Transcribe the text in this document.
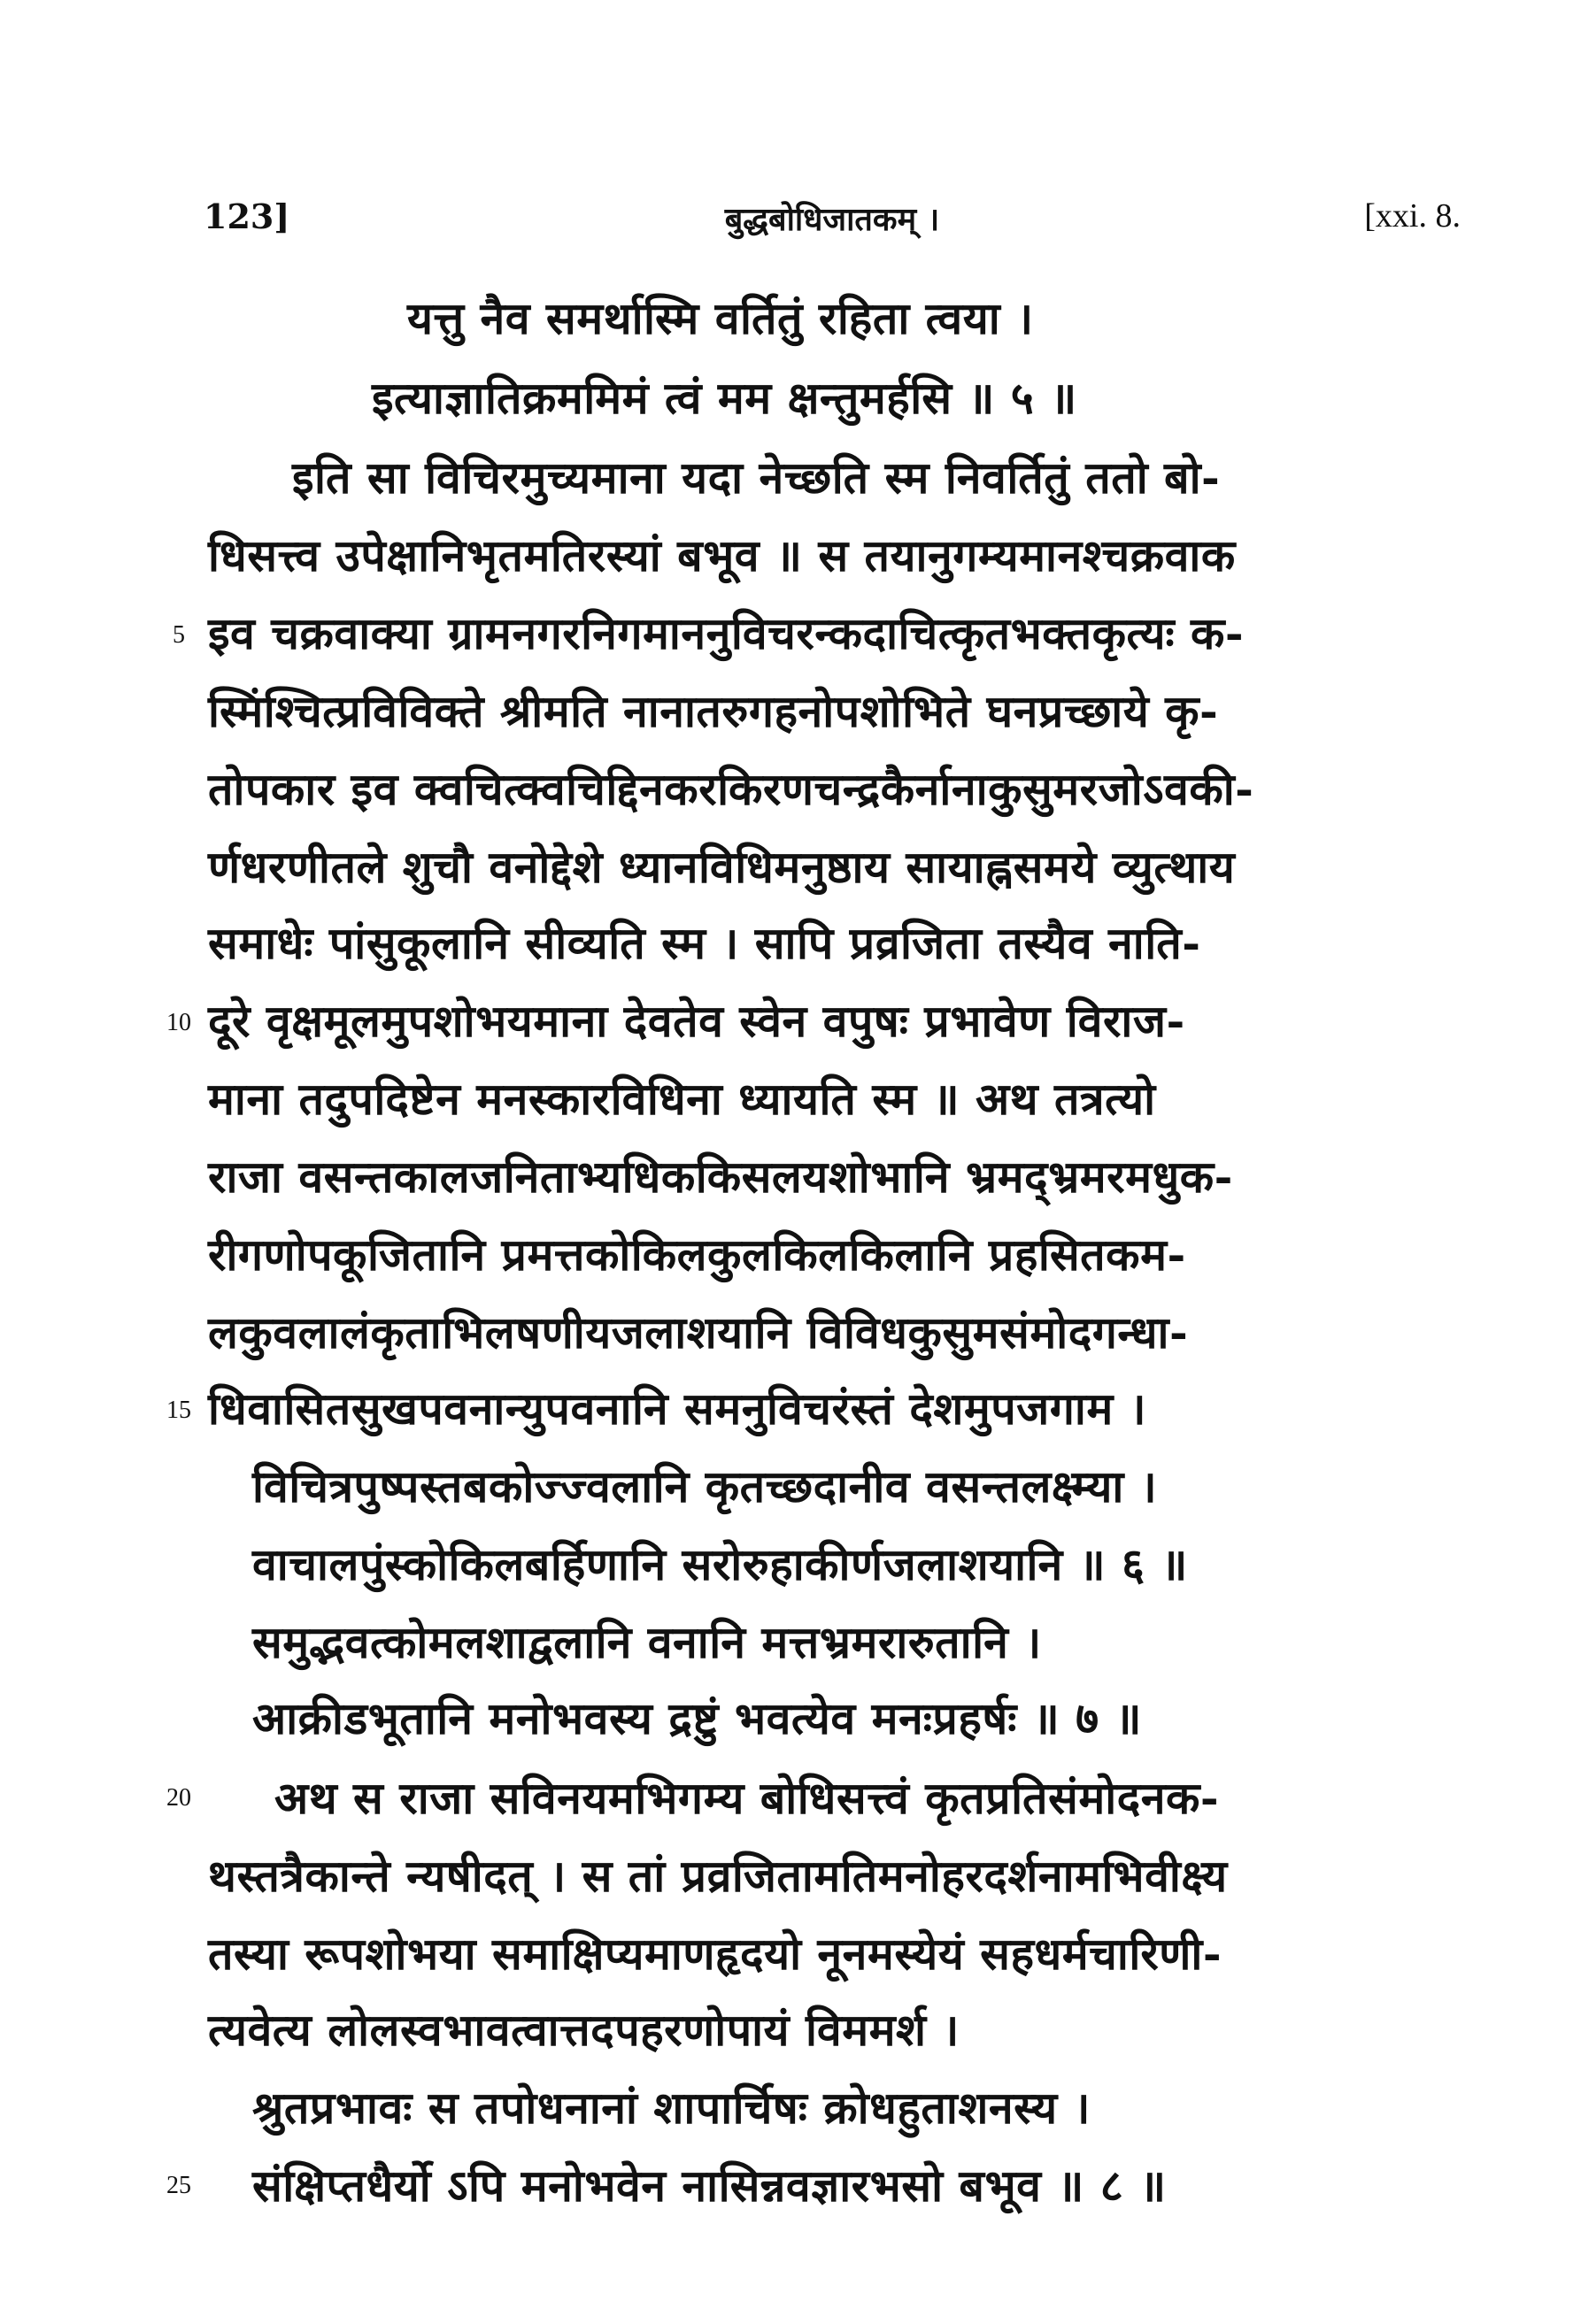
123]	बुद्धबोधिजातकम् ।	[xxi. 8.
यत्तु नैव समर्थास्मि वर्तितुं रहिता त्वया ।
इत्याज्ञातिक्रममिमं त्वं मम क्षन्तुमर्हसि ॥ ५ ॥
इति सा विचिरमुच्यमाना यदा नेच्छति स्म निवर्तितुं ततो बो-
धिसत्त्व उपेक्षानिभृतमतिरस्यां बभूव ॥ स तयानुगम्यमानश्चक्रवाक
इव चक्रवाक्या ग्रामनगरनिगमाननुविचरन्कदाचित्कृतभक्तकृत्यः क-
स्मिंश्चित्प्रविविक्ते श्रीमति नानातरुगहनोपशोभिते घनप्रच्छाये कृ-
तोपकार इव क्वचित्क्वचिद्दिनकरकिरणचन्द्रकैर्नानाकुसुमरजोऽवकी-
र्णधरणीतले शुचौ वनोद्देशे ध्यानविधिमनुष्ठाय सायाह्नसमये व्युत्थाय
समाधेः पांसुकूलानि सीव्यति स्म । सापि प्रव्रजिता तस्यैव नाति-
दूरे वृक्षमूलमुपशोभयमाना देवतेव स्वेन वपुषः प्रभावेण विराज-
माना तदुपदिष्टेन मनस्कारविधिना ध्यायति स्म ॥ अथ तत्रत्यो
राजा वसन्तकालजनिताभ्यधिककिसलयशोभानि भ्रमद्भ्रमरमधुक-
रीगणोपकूजितानि प्रमत्तकोकिलकुलकिलकिलानि प्रहसितकम-
लकुवलालंकृताभिलषणीयजलाशयानि विविधकुसुमसंमोदगन्धा-
धिवासितसुखपवनान्युपवनानि समनुविचरंस्तं देशमुपजगाम ।
विचित्रपुष्पस्तबकोज्ज्वलानि कृतच्छदानीव वसन्तलक्ष्म्या ।
वाचालपुंस्कोकिलबर्हिणानि सरोरुहाकीर्णजलाशयानि ॥ ६ ॥
समुद्भवत्कोमलशाद्वलानि वनानि मत्तभ्रमरारुतानि ।
आक्रीडभूतानि मनोभवस्य द्रष्टुं भवत्येव मनःप्रहर्षः ॥ ७ ॥
अथ स राजा सविनयमभिगम्य बोधिसत्त्वं कृतप्रतिसंमोदनक-
थस्तत्रैकान्ते न्यषीदत् । स तां प्रव्रजितामतिमनोहरदर्शनामभिवीक्ष्य
तस्या रूपशोभया समाक्षिप्यमाणहृदयो नूनमस्येयं सहधर्मचारिणी-
त्यवेत्य लोलस्वभावत्वात्तदपहरणोपायं विममर्श ।
श्रुतप्रभावः स तपोधनानां शापार्चिषः क्रोधहुताशनस्य ।
संक्षिप्तधैर्यो ऽपि मनोभवेन नासिन्नवज्ञारभसो बभूव ॥ ८ ॥
5
10
15
20
25
